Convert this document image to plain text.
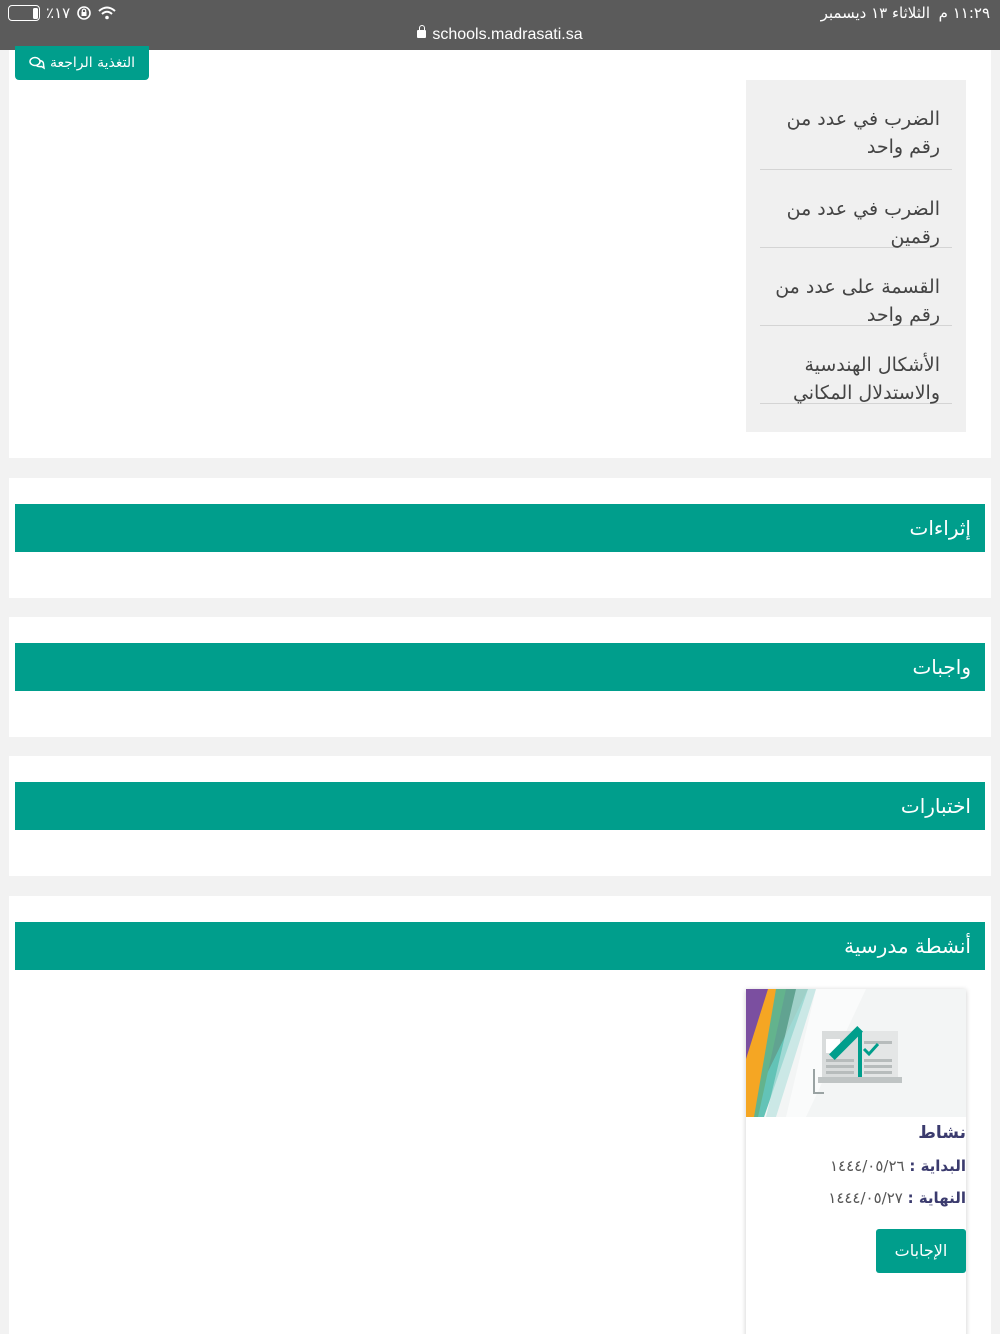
٪١٧	الثلاثاء ١٣ ديسمبر ١١:٢٩ م
schools.madrasati.sa
الضرب في عدد من رقم واحد
الضرب في عدد من رقمين
القسمة على عدد من رقم واحد
الأشكال الهندسية والاستدلال المكاني
التغذية الراجعة
إثراءات
واجبات
اختبارات
أنشطة مدرسية
نشاط
البداية : ١٤٤٤/٠٥/٢٦
النهاية : ١٤٤٤/٠٥/٢٧
الإجابات
